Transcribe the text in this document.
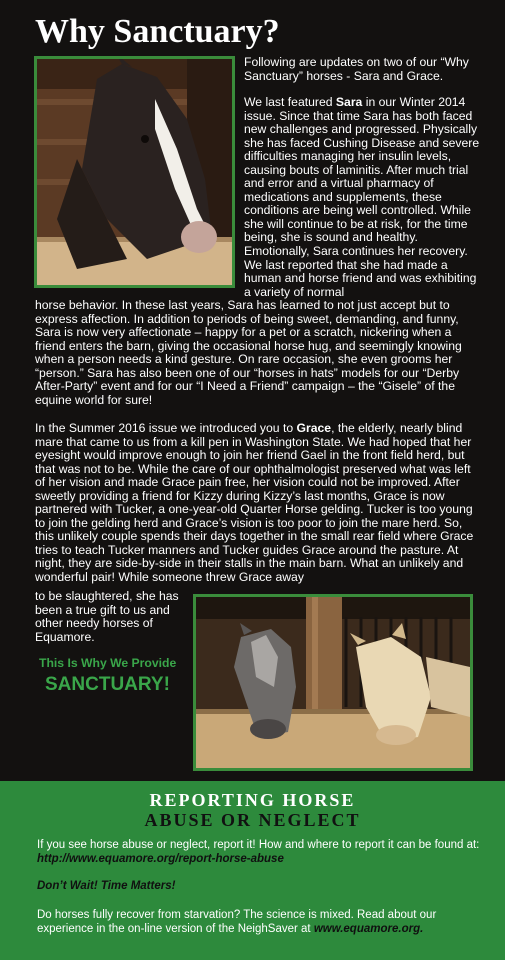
Why Sanctuary?

Following are updates on two of our “Why Sanctuary” horses - Sara and Grace.

We last featured Sara in our Winter 2014 issue. Since that time Sara has both faced new challenges and progressed. Physically she has faced Cushing Disease and severe difficulties managing her insulin levels, causing bouts of laminitis. After much trial and error and a virtual pharmacy of medications and supplements, these conditions are being well controlled. While she will continue to be at risk, for the time being, she is sound and healthy. Emotionally, Sara continues her recovery. We last reported that she had made a human and horse friend and was exhibiting a variety of normal

horse behavior. In these last years, Sara has learned to not just accept but to express affection. In addition to periods of being sweet, demanding, and funny, Sara is now very affectionate – happy for a pet or a scratch, nickering when a friend enters the barn, giving the occasional horse hug, and seemingly knowing when a person needs a kind gesture. On rare occasion, she even grooms her “person.” Sara has also been one of our “horses in hats” models for our “Derby After-Party” event and for our “I Need a Friend” campaign – the “Gisele” of the equine world for sure!

In the Summer 2016 issue we introduced you to Grace, the elderly, nearly blind mare that came to us from a kill pen in Washington State. We had hoped that her eyesight would improve enough to join her friend Gael in the front field herd, but that was not to be. While the care of our ophthalmologist preserved what was left of her vision and made Grace pain free, her vision could not be improved. After sweetly providing a friend for Kizzy during Kizzy’s last months, Grace is now partnered with Tucker, a one-year-old Quarter Horse gelding. Tucker is too young to join the gelding herd and Grace’s vision is too poor to join the mare herd. So, this unlikely couple spends their days together in the small rear field where Grace tries to teach Tucker manners and Tucker guides Grace around the pasture. At night, they are side-by-side in their stalls in the main barn. What an unlikely and wonderful pair! While someone threw Grace away

to be slaughtered, she has been a true gift to us and other needy horses of Equamore.

This Is Why We Provide

SANCTUARY!

REPORTING HORSE

ABUSE OR NEGLECT

If you see horse abuse or neglect, report it! How and where to report it can be found at: http://www.equamore.org/report-horse-abuse

Don’t Wait! Time Matters!

Do horses fully recover from starvation? The science is mixed. Read about our experience in the on-line version of the NeighSaver at www.equamore.org.
